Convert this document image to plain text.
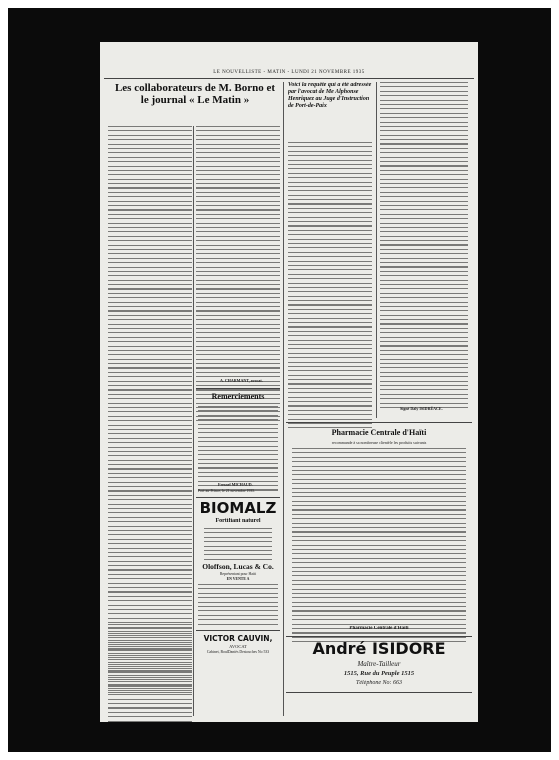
LE NOUVELLISTE - MATIN - LUNDI 21 NOVEMBRE 1935
Les collaborateurs de M. Borno et le journal « Le Matin »
A. CHARMANT, avocat.
Remerciements
Fresnel MICHAUD.
Port-au-Prince, le 21 novembre 1935.
BIOMALZ
Fortifiant naturel
Oloffson, Lucas & Co.
Représentant pour Haiti
EN VENTE A
VICTOR CAUVIN,
AVOCAT
Cabinet, BoulDantès Destouches No 533
Voici la requête qui a été adressée par l'avocat de Me Alphonse Henriquez au Juge d'Instruction de Port-de-Paix
Signé Daly ISIDRÉACE.
Pharmacie Centrale d'Haïti
recommande à sa nombreuse clientèle les produits suivants
Pharmacie Centrale d'Haïti
André ISIDORE
Maître-Tailleur
1515, Rue du Peuple 1515
Téléphone No: 663
